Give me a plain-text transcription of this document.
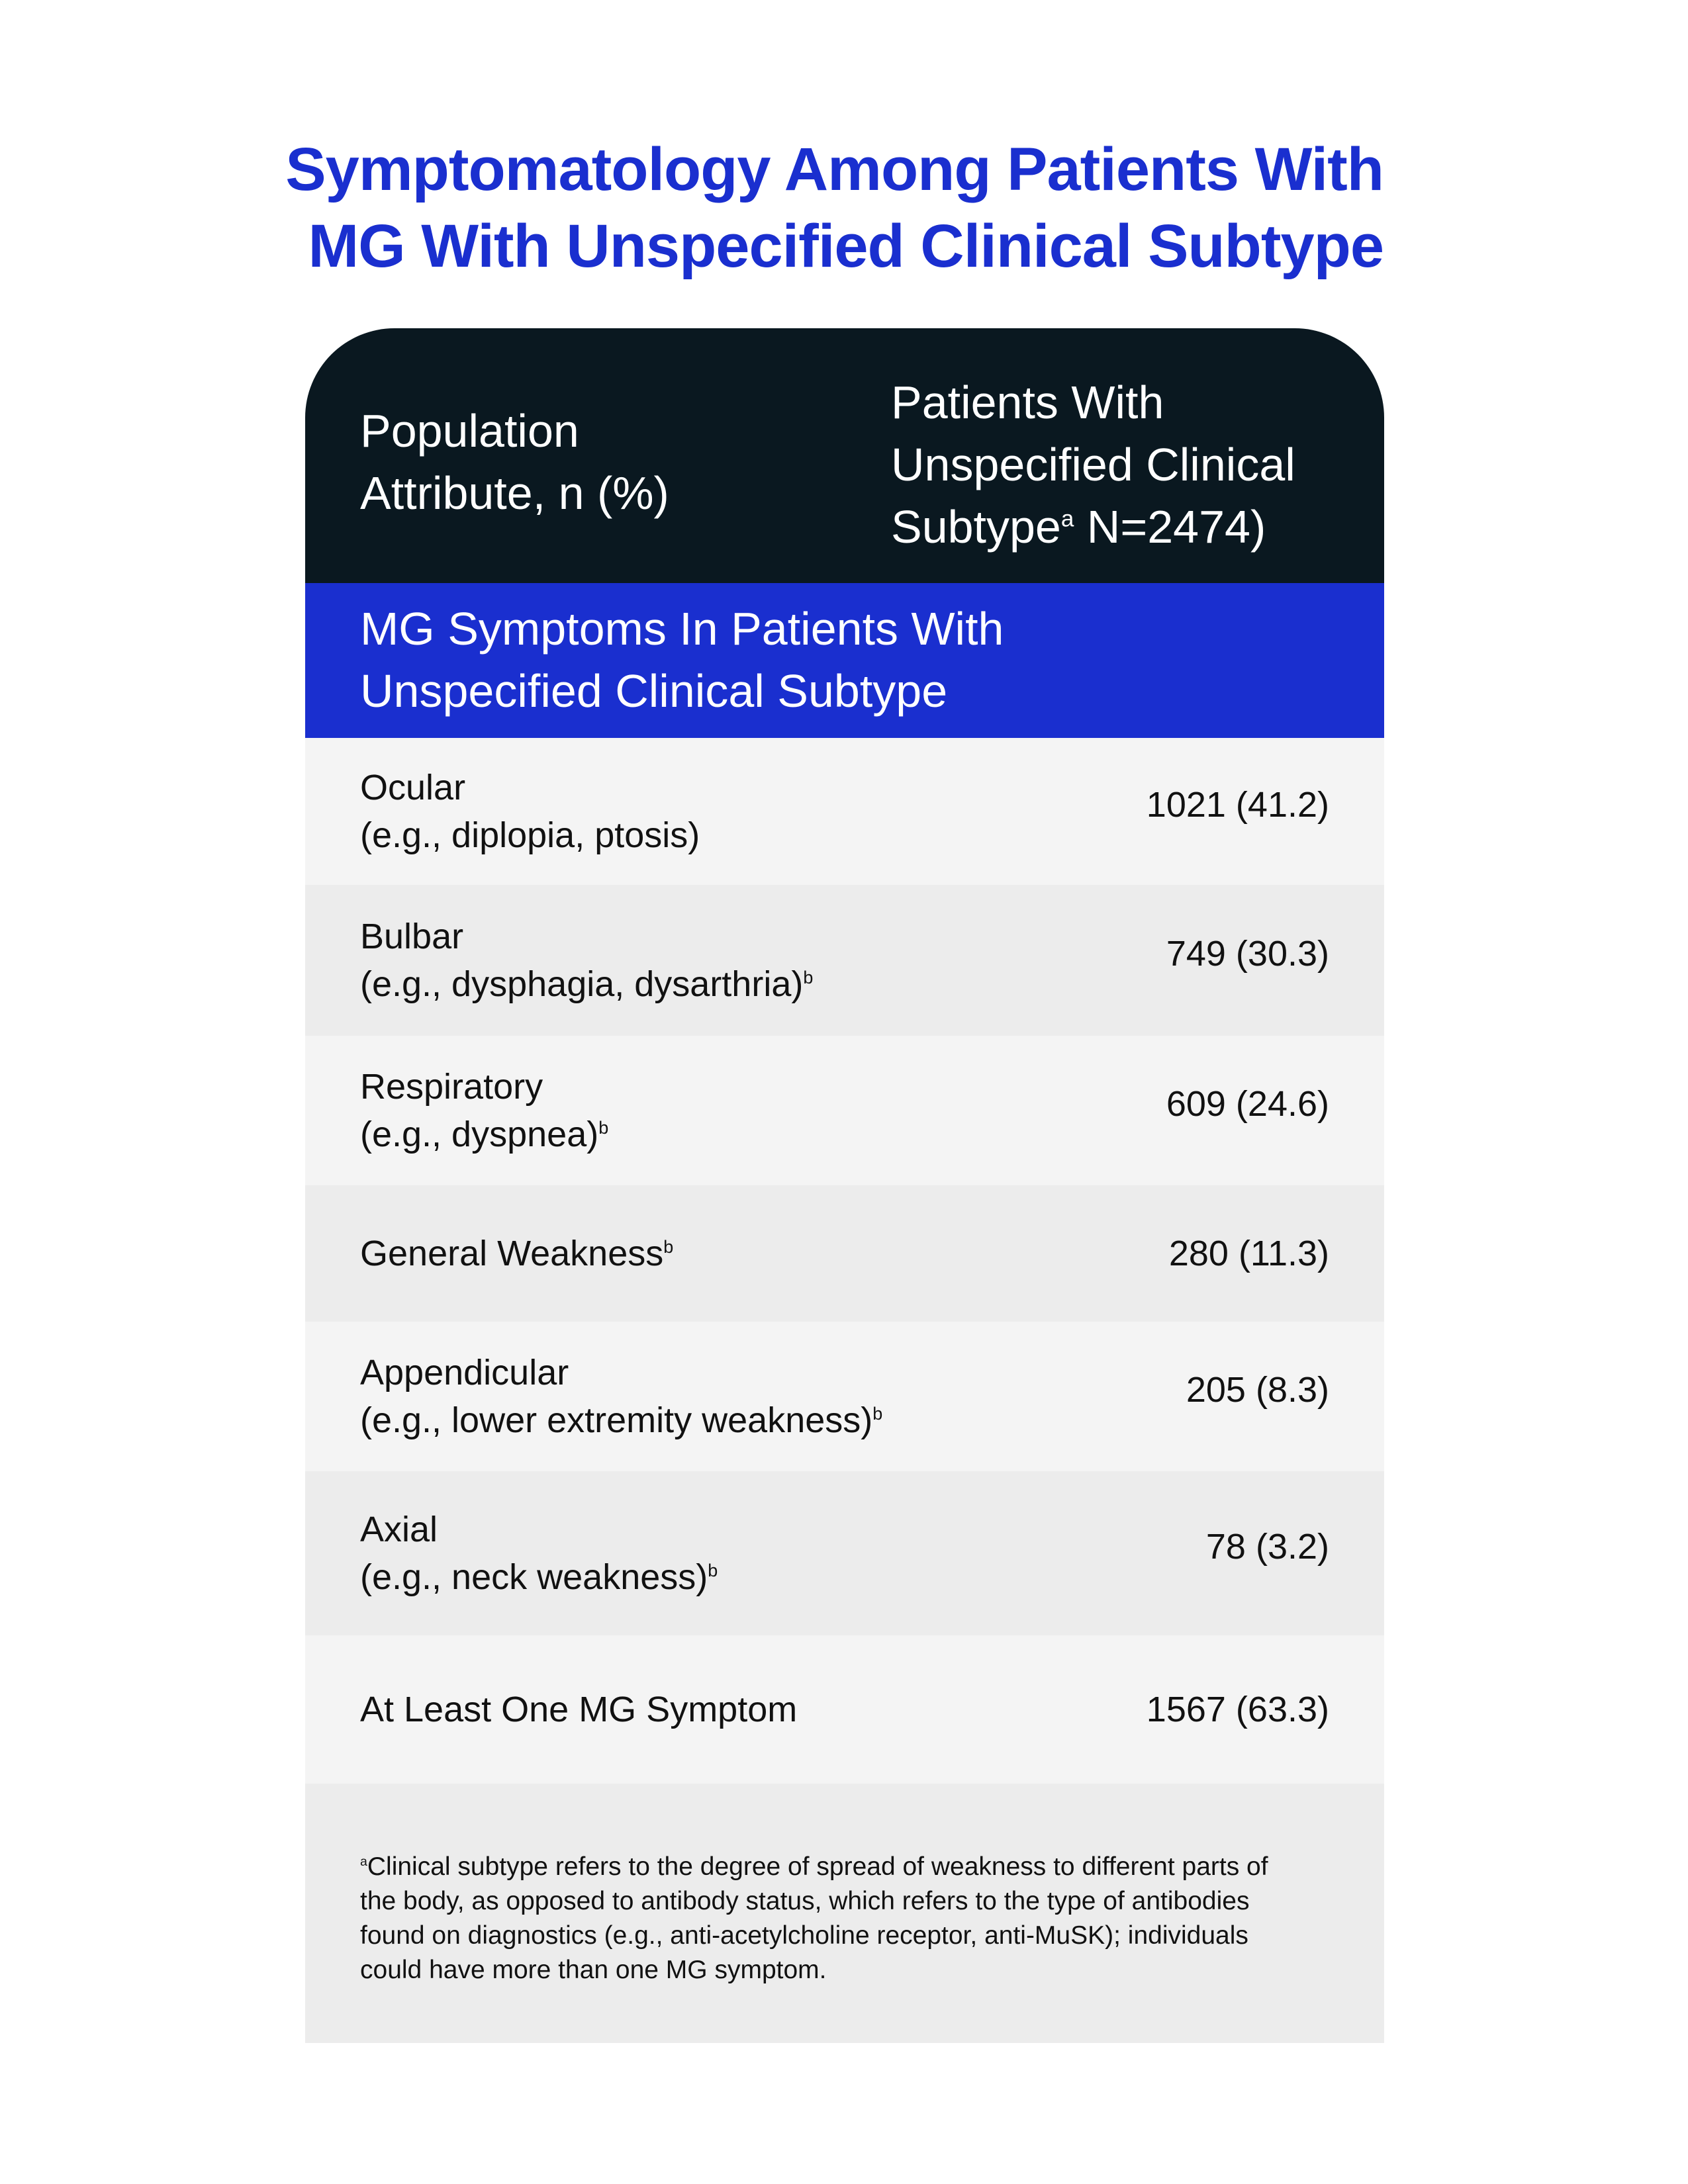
Symptomatology Among Patients With
MG With Unspecified Clinical Subtype
Population
Attribute, n (%)
Patients With
Unspecified Clinical
Subtype$^a$ N=2474)
MG Symptoms In Patients With
Unspecified Clinical Subtype
Ocular
(e.g., diplopia, ptosis)
1021 (41.2)
Bulbar
(e.g., dysphagia, dysarthria)$^b$
749 (30.3)
Respiratory
(e.g., dyspnea)$^b$
609 (24.6)
General Weakness$^b$	280 (11.3)
Appendicular
(e.g., lower extremity weakness)$^b$
205 (8.3)
Axial
(e.g., neck weakness)$^b$
78 (3.2)
At Least One MG Symptom	1567 (63.3)
$^a$Clinical subtype refers to the degree of spread of weakness to different parts of
the body, as opposed to antibody status, which refers to the type of antibodies
found on diagnostics (e.g., anti-acetylcholine receptor, anti-MuSK); individuals
could have more than one MG symptom.
